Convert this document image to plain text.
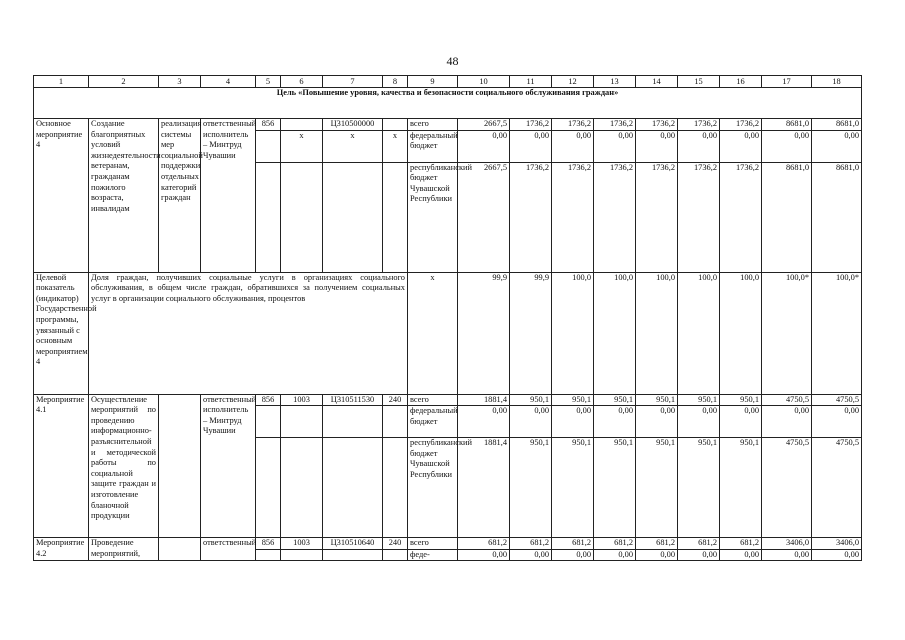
48
1	2	3	4	5	6	7	8	9	10	11	12	13	14	15	16	17	18
Цель «Повышение уровня, качества и безопасности социального обслуживания граждан»																	
Основное мероприятие 4	Создание благоприятных условий жизнедеятельности ветеранам, гражданам пожилого возраста, инвалидам	реализация системы мер социальной поддержки отдельных категорий граждан	ответственный исполнитель – Минтруд Чувашии	856		Ц310500000		всего	2667,5	1736,2	1736,2	1736,2	1736,2	1736,2	1736,2	8681,0	8681,0
					x	x	x	федеральный бюджет	0,00	0,00	0,00	0,00	0,00	0,00	0,00	0,00	0,00
								республиканский бюджет Чувашской Республики	2667,5	1736,2	1736,2	1736,2	1736,2	1736,2	1736,2	8681,0	8681,0
Целевой показатель (индикатор) Государственной программы, увязанный с основным мероприятием 4	Доля граждан, получивших социальные услуги в организациях социального обслуживания, в общем числе граждан, обратившихся за получением социальных услуг в организации социального обслуживания, процентов							x	99,9	99,9	100,0	100,0	100,0	100,0	100,0	100,0*	100,0*
Мероприятие 4.1	Осуществление мероприятий по проведению информационно-разъяснительной и методической работы по социальной защите граждан и изготовление бланочной продукции		ответственный исполнитель – Минтруд Чувашии	856	1003	Ц310511530	240	всего	1881,4	950,1	950,1	950,1	950,1	950,1	950,1	4750,5	4750,5
								федеральный бюджет	0,00	0,00	0,00	0,00	0,00	0,00	0,00	0,00	0,00
								республиканский бюджет Чувашской Республики	1881,4	950,1	950,1	950,1	950,1	950,1	950,1	4750,5	4750,5
Мероприятие 4.2	Проведение мероприятий,		ответственный	856	1003	Ц310510640	240	всего	681,2	681,2	681,2	681,2	681,2	681,2	681,2	3406,0	3406,0
								феде-	0,00	0,00	0,00	0,00	0,00	0,00	0,00	0,00	0,00
